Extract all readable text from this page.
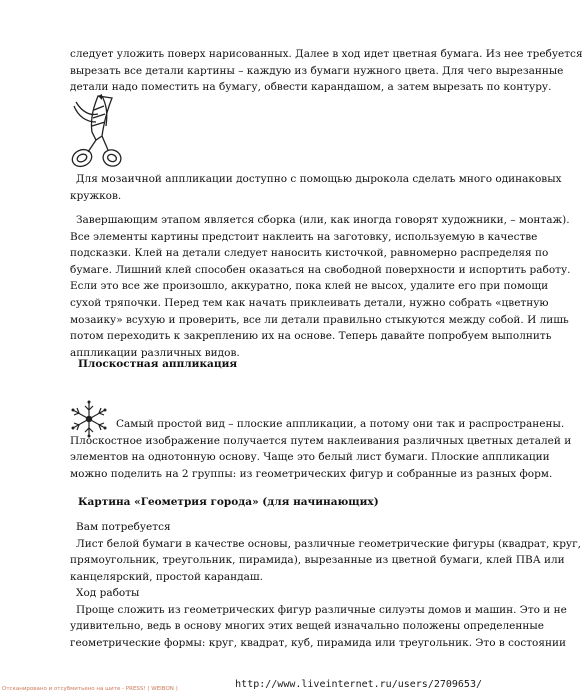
следует уложить поверх нарисованных. Далее в ход идет цветная бумага. Из нее требуется
вырезать все детали картины – каждую из бумаги нужного цвета. Для чего вырезанные
детали надо поместить на бумагу, обвести карандашом, а затем вырезать по контуру.
Для мозаичной аппликации доступно с помощью дырокола сделать много одинаковых
кружков.
Завершающим этапом является сборка (или, как иногда говорят художники, – монтаж).
Все элементы картины предстоит наклеить на заготовку, используемую в качестве
подсказки. Клей на детали следует наносить кисточкой, равномерно распределяя по
бумаге. Лишний клей способен оказаться на свободной поверхности и испортить работу.
Если это все же произошло, аккуратно, пока клей не высох, удалите его при помощи
сухой тряпочки. Перед тем как начать приклеивать детали, нужно собрать «цветную
мозаику» всухую и проверить, все ли детали правильно стыкуются между собой. И лишь
потом переходить к закреплению их на основе. Теперь давайте попробуем выполнить
аппликации различных видов.
Плоскостная аппликация
Самый простой вид – плоские аппликации, а потому они так и распространены.
Плоскостное изображение получается путем наклеивания различных цветных деталей и
элементов на однотонную основу. Чаще это белый лист бумаги. Плоские аппликации
можно поделить на 2 группы: из геометрических фигур и собранные из разных форм.
Картина «Геометрия города» (для начинающих)
Вам потребуется
Лист белой бумаги в качестве основы, различные геометрические фигуры (квадрат, круг,
прямоугольник, треугольник, пирамида), вырезанные из цветной бумаги, клей ПВА или
канцелярский, простой карандаш.
Ход работы
Проще сложить из геометрических фигур различные силуэты домов и машин. Это и не
удивительно, ведь в основу многих этих вещей изначально положены определенные
геометрические формы: круг, квадрат, куб, пирамида или треугольник. Это в состоянии
Отсканировано и отсубмитьено на шите - PRESS! ( WEIBON )	http://www.liveinternet.ru/users/2709653/
